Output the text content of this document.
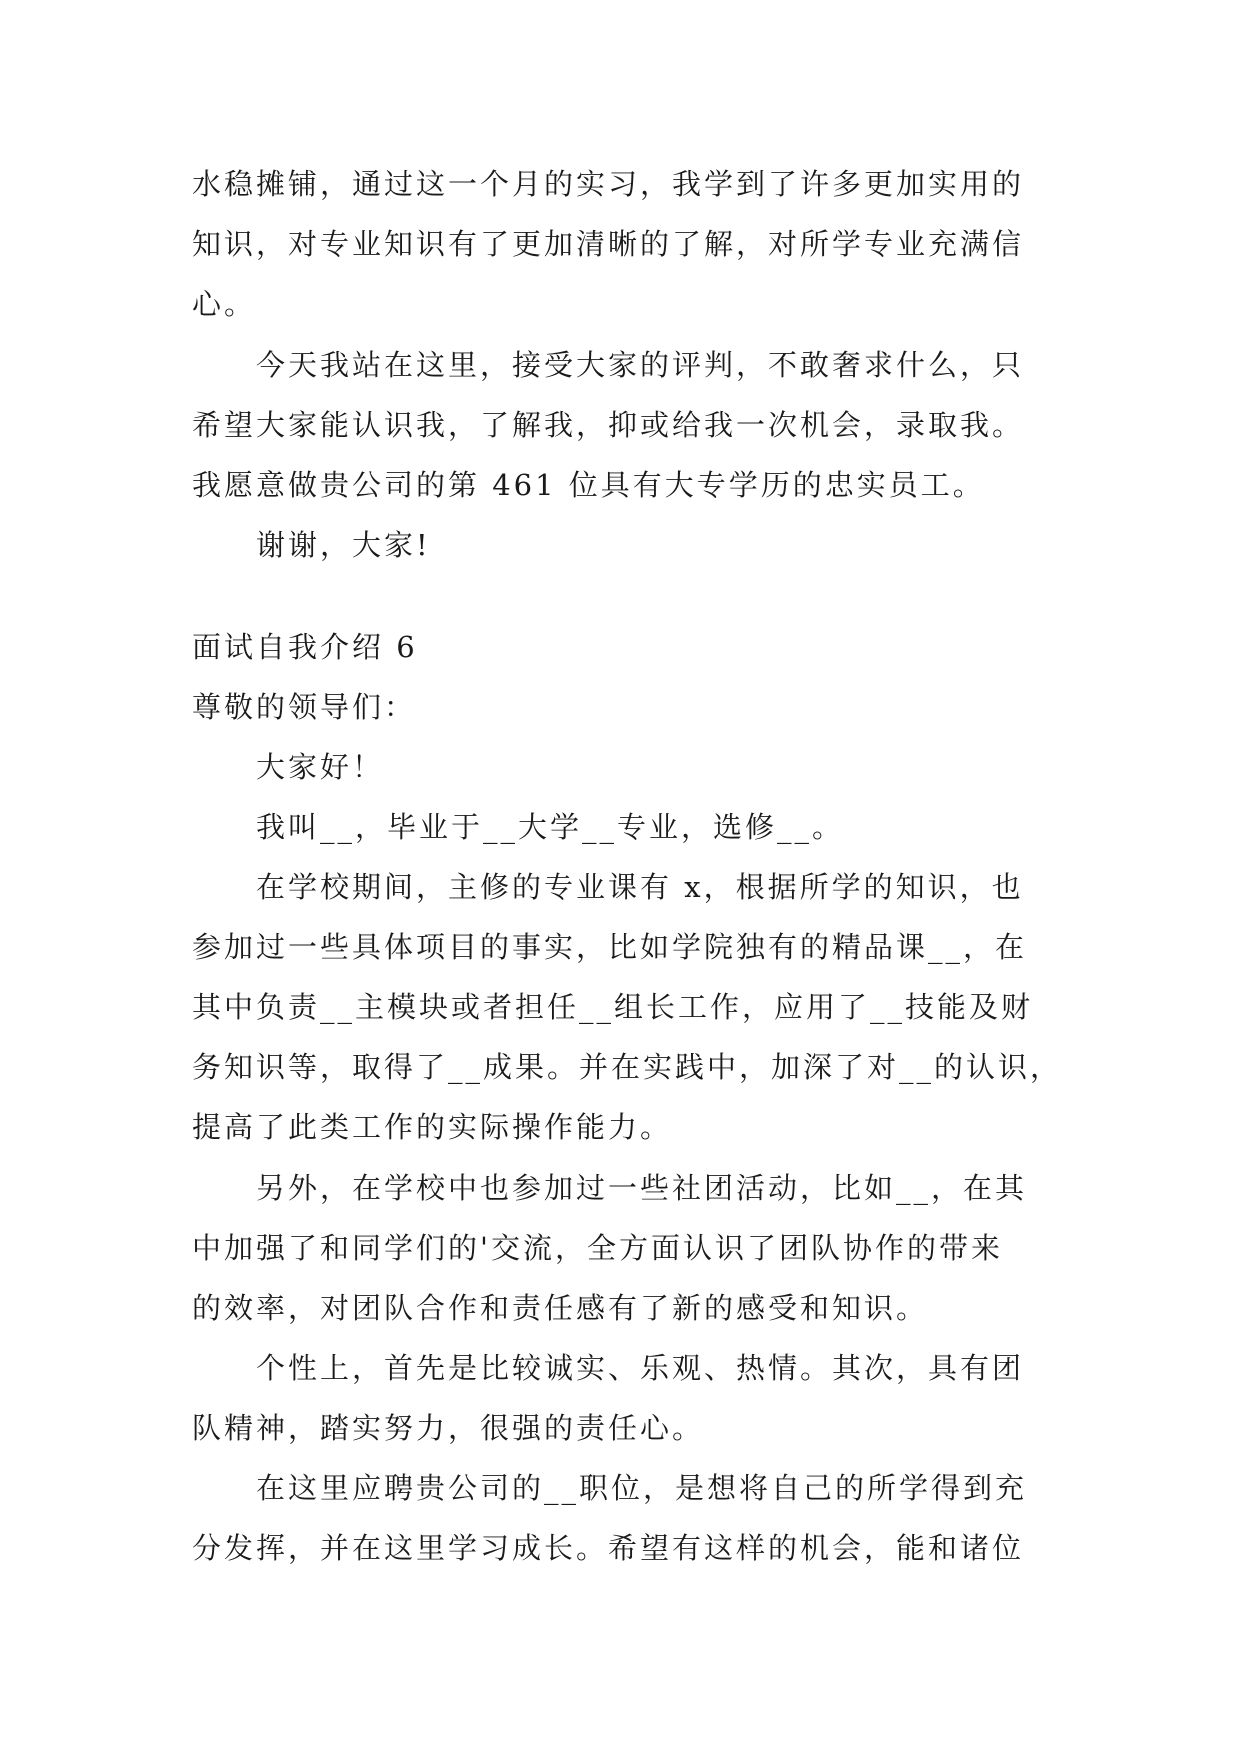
水稳摊铺，通过这一个月的实习，我学到了许多更加实用的
知识，对专业知识有了更加清晰的了解，对所学专业充满信
心。
今天我站在这里，接受大家的评判，不敢奢求什么，只
希望大家能认识我，了解我，抑或给我一次机会，录取我。
我愿意做贵公司的第 461 位具有大专学历的忠实员工。
谢谢，大家!
面试自我介绍 6
尊敬的领导们：
大家好！
我叫__，毕业于__大学__专业，选修__。
在学校期间，主修的专业课有 x，根据所学的知识，也
参加过一些具体项目的事实，比如学院独有的精品课__，在
其中负责__主模块或者担任__组长工作，应用了__技能及财
务知识等，取得了__成果。并在实践中，加深了对__的认识，
提高了此类工作的实际操作能力。
另外，在学校中也参加过一些社团活动，比如__，在其
中加强了和同学们的'交流，全方面认识了团队协作的带来
的效率，对团队合作和责任感有了新的感受和知识。
个性上，首先是比较诚实、乐观、热情。其次，具有团
队精神，踏实努力，很强的责任心。
在这里应聘贵公司的__职位，是想将自己的所学得到充
分发挥，并在这里学习成长。希望有这样的机会，能和诸位
